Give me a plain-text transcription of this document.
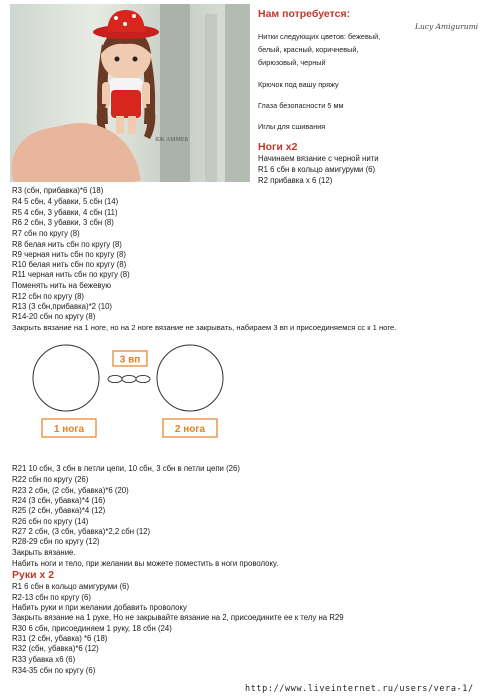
ЯЖ AMMER
Нам потребуется:
Lucy Amigurumi
Нитки следующих цветов: бежевый,
белый, красный, коричневый,
бирюзовый, черный
Крючок под вашу пряжу
Глаза безопасности 5 мм
Иглы для сшивания
Ноги х2
Начинаем вязание с черной нити
R1 6 сбн в кольцо амигуруми (6)
R2 прибавка х 6 (12)
R3 (сбн, прибавка)*6 (18)
R4 5 сбн, 4 убавки, 5 сбн (14)
R5 4 сбн, 3 убавки, 4 сбн (11)
R6 2 сбн, 3 убавки, 3 сбн (8)
R7 сбн по кругу (8)
R8 белая нить сбн по кругу (8)
R9 черная нить сбн по кругу (8)
R10 белая нить сбн по кругу (8)
R11 черная нить сбн по кругу (8)
Поменять нить на бежевую
R12 сбн по кругу (8)
R13 (3 сбн,прибавка)*2 (10)
R14-20 сбн по кругу (8)
Закрыть вязание на 1 ноге, но на 2 ноге вязание не закрывать, набираем 3 вп и присоединяемся сс к 1 ноге.
3 вп
1 нога	2 нога
R21 10 сбн, 3 сбн в петли цепи, 10 сбн, 3 сбн в петли цепи (26)
R22 сбн по кругу (26)
R23 2 сбн, (2 сбн, убавка)*6 (20)
R24 (3 сбн, убавка)*4 (16)
R25 (2 сбн, убавка)*4 (12)
R26 сбн по кругу (14)
R27 2 сбн, (3 сбн, убавка)*2,2 сбн (12)
R28-29 сбн по кругу (12)
Закрыть вязание.
Набить ноги и тело, при желании вы можете поместить в ноги проволоку.
Руки х 2
R1 6 сбн в кольцо амигуруми (6)
R2-13 сбн по кругу (6)
Набить руки и при желании добавить проволоку
Закрыть вязание на 1 руке, Но не закрывайте вязание на 2, присоедините ее к телу на R29
R30 6 сбн, присоединяем 1 руку, 18 сбн (24)
R31 (2 сбн, убавка) *6 (18)
R32 (сбн, убавка)*6 (12)
R33 убавка х6 (6)
R34-35 сбн по кругу (6)
http://www.liveinternet.ru/users/vera-1/
